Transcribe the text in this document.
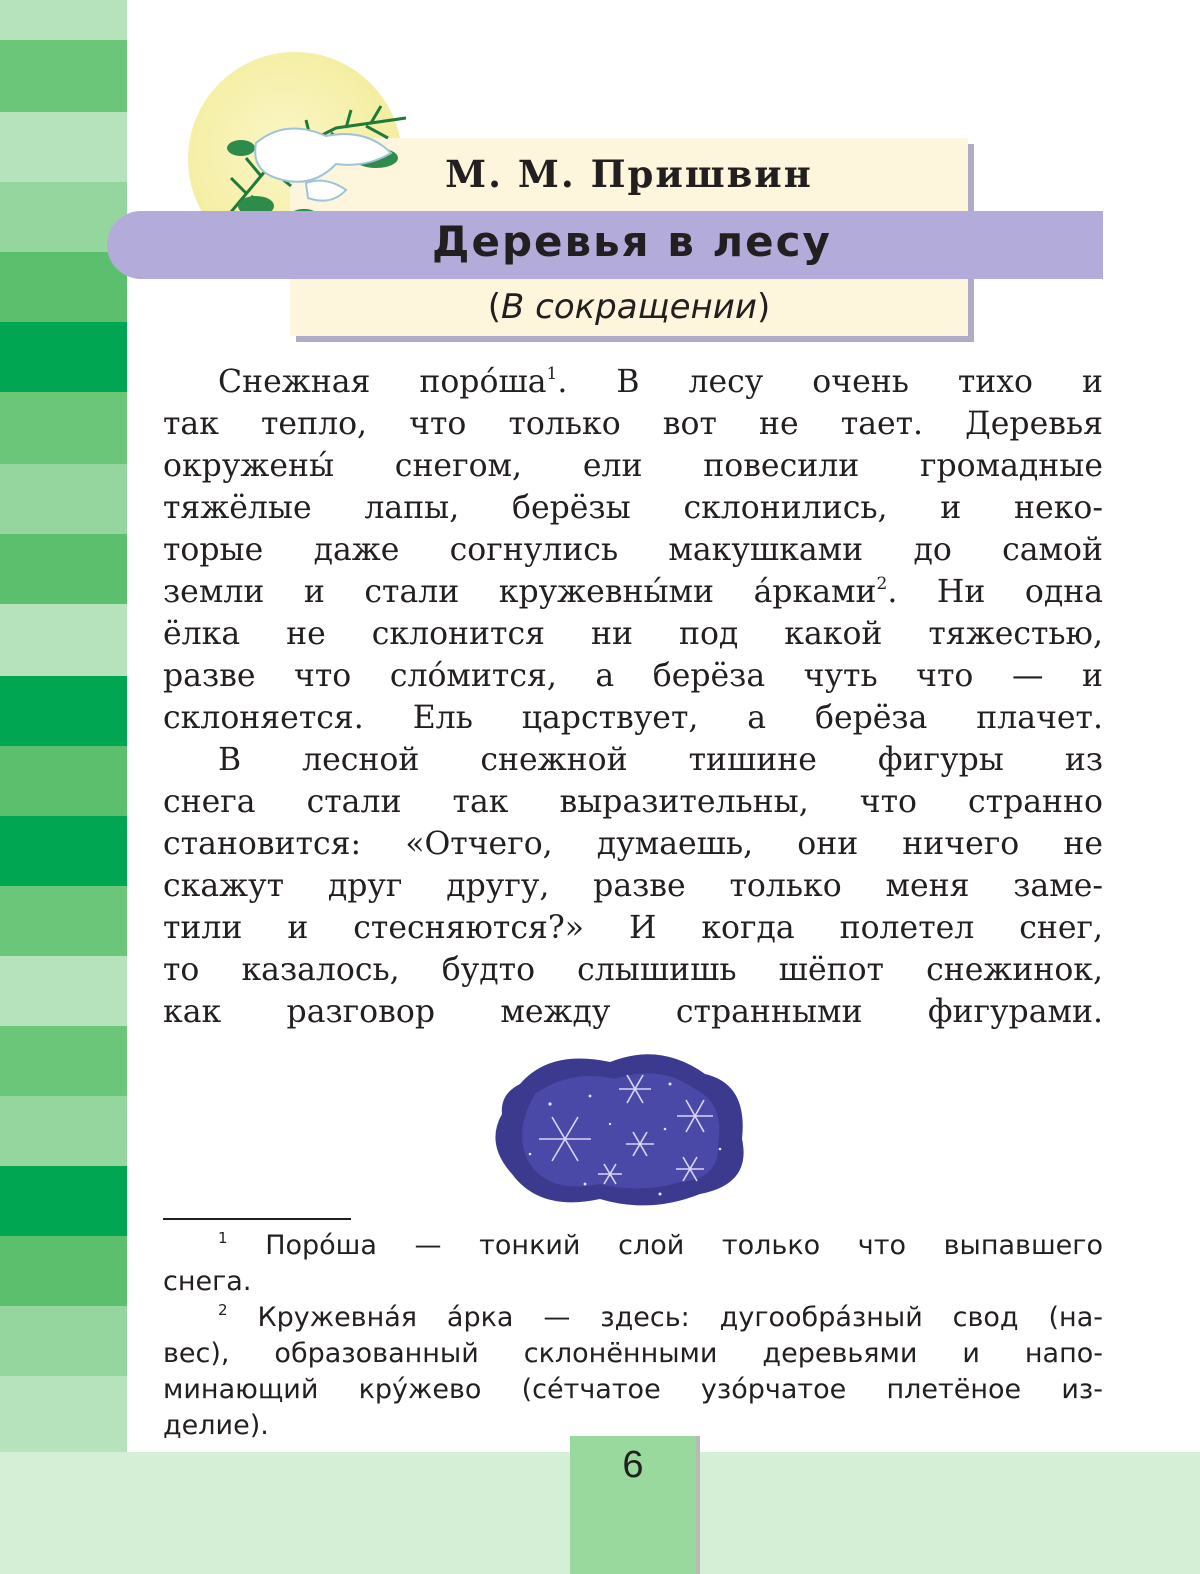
М. М. Пришвин
Деревья в лесу
(В сокращении)
Снежная $поро́ша^1$. В лесу очень тихо и
так тепло, что только вот не тает. Деревья
окружены́ снегом, ели повесили громадные
тяжёлые лапы, берёзы склонились, и неко-
торые даже согнулись макушками до самой
земли и стали кружевны́ми а́рками$^2$. Ни одна
ёлка не склонится ни под какой тяжестью,
разве что сло́мится, а берёза чуть что — и
склоняется. Ель царствует, а берёза плачет.
В лесной снежной тишине фигуры из
снега стали так выразительны, что странно
становится: «Отчего, думаешь, они ничего не
скажут друг другу, разве только меня заме-
тили и стесняются?» И когда полетел снег,
то казалось, будто слышишь шёпот снежинок,
как разговор между странными фигурами.
$^1$ Поро́ша — тонкий слой только что выпавшего
снега.
$^2$ Кружевна́я а́рка — здесь: дугообра́зный свод (на-
вес), образованный склонёнными деревьями и напо-
минающий кру́жево (се́тчатое узо́рчатое плетёное из-
делие).
6
